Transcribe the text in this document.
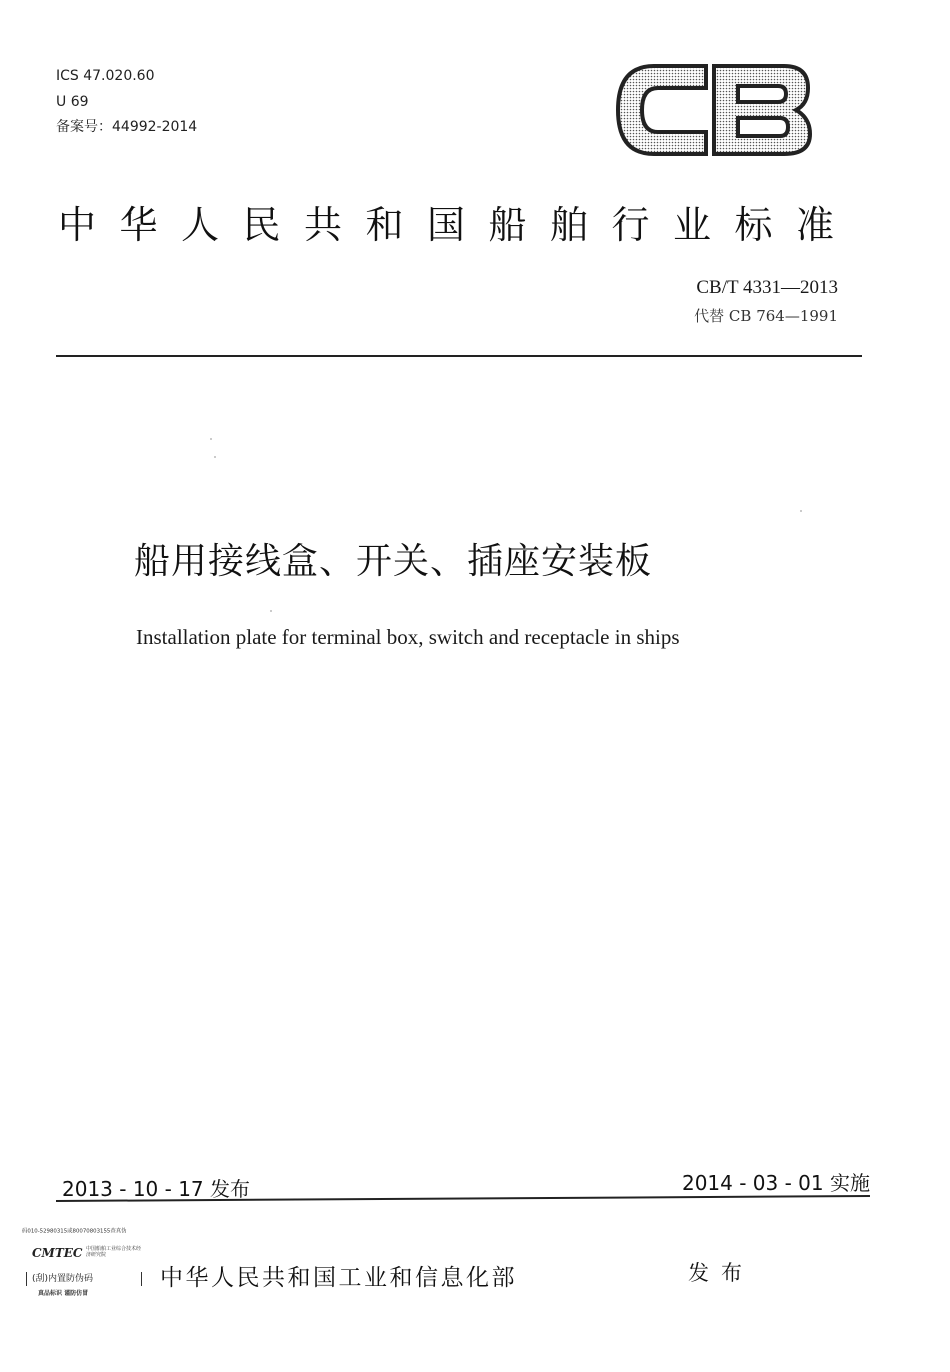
ICS 47.020.60
U 69
备案号：44992-2014
中华人民共和国船舶行业标准
CB/T 4331—2013
代替 CB 764—1991
船用接线盒、开关、插座安装板
Installation plate for terminal box, switch and receptacle in ships
2013 - 10 - 17 发布	2014 - 03 - 01 实施
码010-52980315或80070803155查真伪
CMTEC 中国船舶工业综合技术经济研究院
(刮)内置防伪码
真品标识 谨防仿冒
中华人民共和国工业和信息化部	发布
